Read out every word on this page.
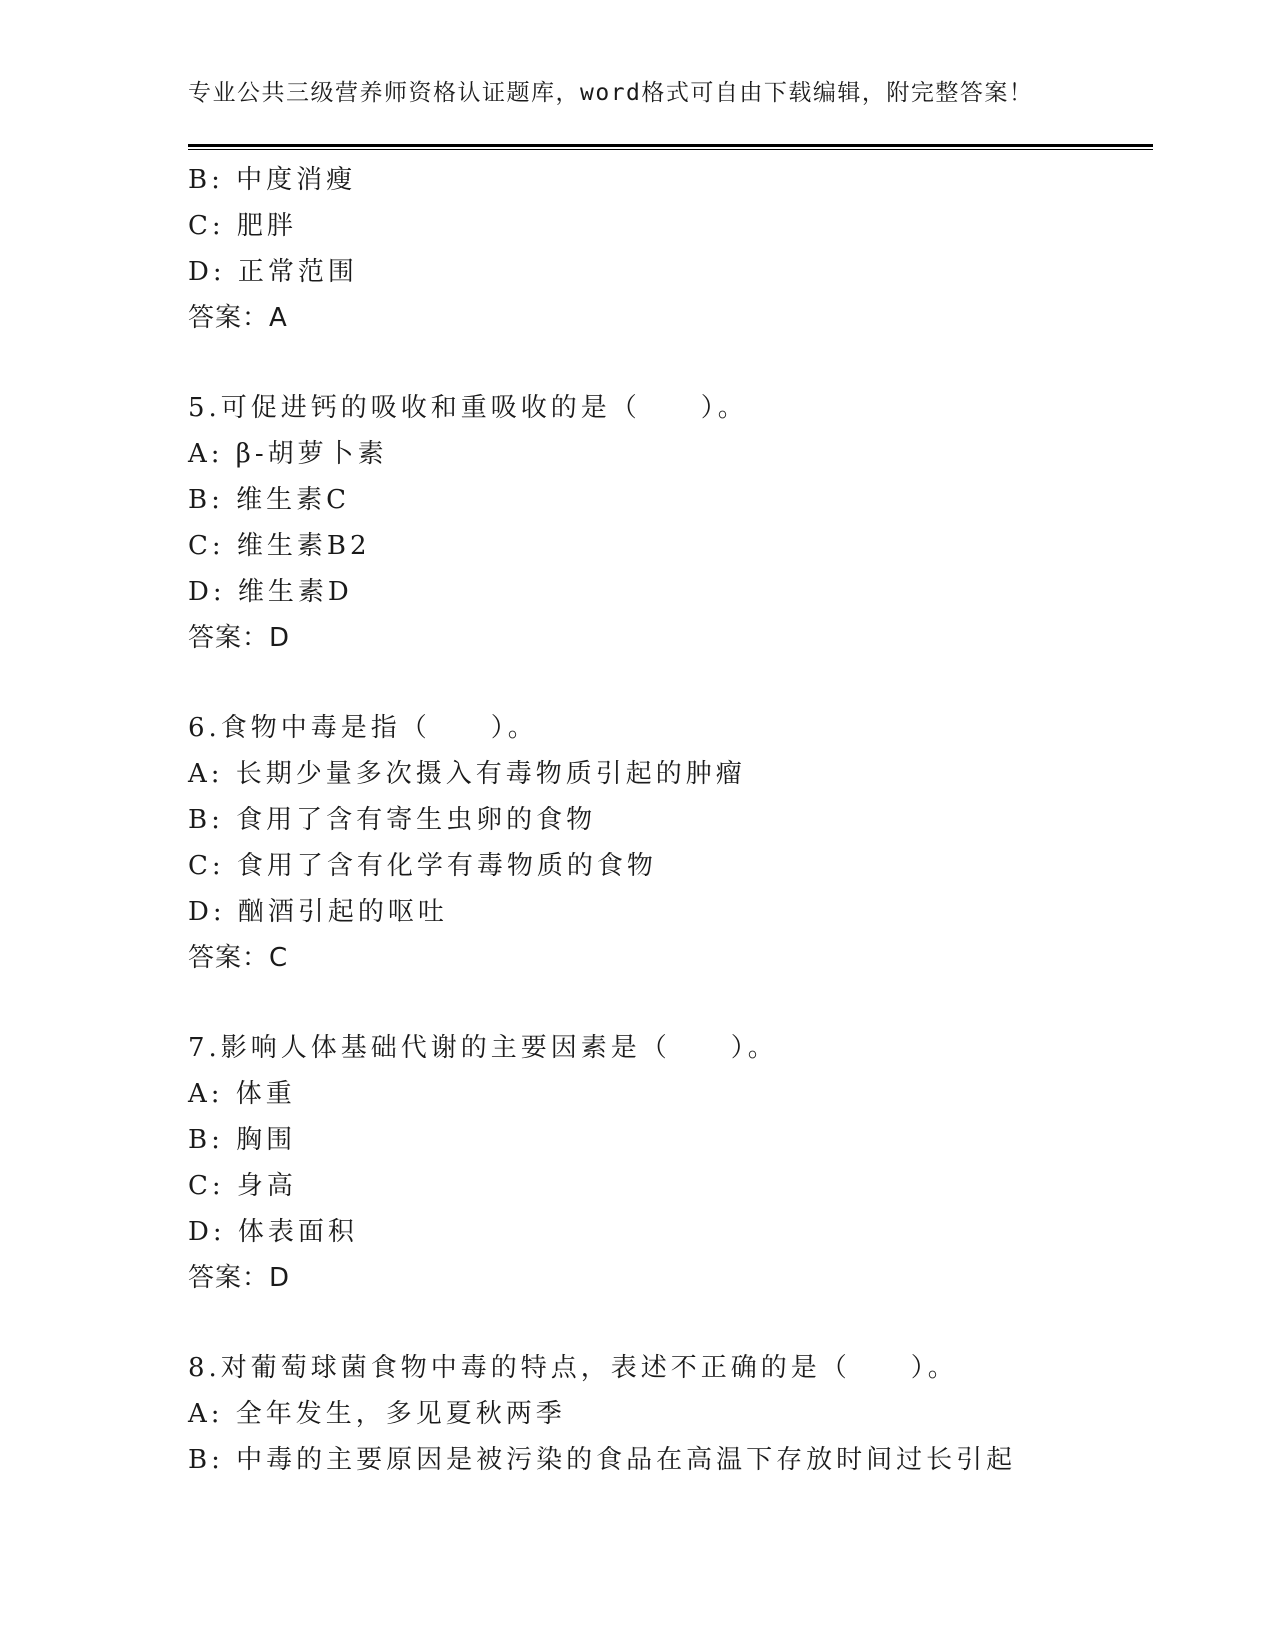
专业公共三级营养师资格认证题库，word格式可自由下载编辑，附完整答案！
B: 中度消瘦
C: 肥胖
D: 正常范围
答案：A
5.可促进钙的吸收和重吸收的是（　　）。
A: β-胡萝卜素
B: 维生素C
C: 维生素B2
D: 维生素D
答案：D
6.食物中毒是指（　　）。
A: 长期少量多次摄入有毒物质引起的肿瘤
B: 食用了含有寄生虫卵的食物
C: 食用了含有化学有毒物质的食物
D: 酗酒引起的呕吐
答案：C
7.影响人体基础代谢的主要因素是（　　）。
A: 体重
B: 胸围
C: 身高
D: 体表面积
答案：D
8.对葡萄球菌食物中毒的特点，表述不正确的是（　　）。
A: 全年发生，多见夏秋两季
B: 中毒的主要原因是被污染的食品在高温下存放时间过长引起
